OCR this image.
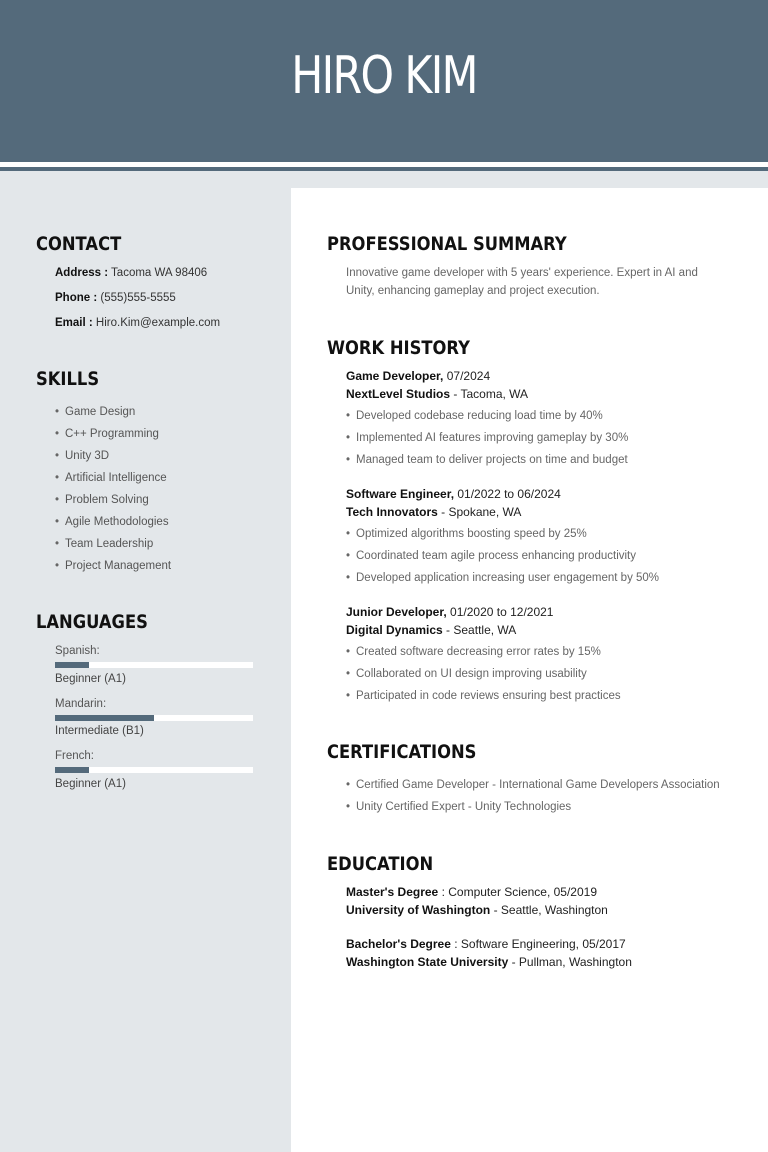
HIRO KIM
CONTACT
Address : Tacoma WA 98406
Phone : (555)555-5555
Email : Hiro.Kim@example.com
SKILLS
• Game Design
• C++ Programming
• Unity 3D
• Artificial Intelligence
• Problem Solving
• Agile Methodologies
• Team Leadership
• Project Management
LANGUAGES
Spanish:
Beginner (A1)
Mandarin:
Intermediate (B1)
French:
Beginner (A1)
PROFESSIONAL SUMMARY
Innovative game developer with 5 years' experience. Expert in AI and Unity, enhancing gameplay and project execution.
WORK HISTORY
Game Developer, 07/2024
NextLevel Studios - Tacoma, WA
• Developed codebase reducing load time by 40%
• Implemented AI features improving gameplay by 30%
• Managed team to deliver projects on time and budget
Software Engineer, 01/2022 to 06/2024
Tech Innovators - Spokane, WA
• Optimized algorithms boosting speed by 25%
• Coordinated team agile process enhancing productivity
• Developed application increasing user engagement by 50%
Junior Developer, 01/2020 to 12/2021
Digital Dynamics - Seattle, WA
• Created software decreasing error rates by 15%
• Collaborated on UI design improving usability
• Participated in code reviews ensuring best practices
CERTIFICATIONS
• Certified Game Developer - International Game Developers Association
• Unity Certified Expert - Unity Technologies
EDUCATION
Master's Degree : Computer Science, 05/2019
University of Washington - Seattle, Washington
Bachelor's Degree : Software Engineering, 05/2017
Washington State University - Pullman, Washington
